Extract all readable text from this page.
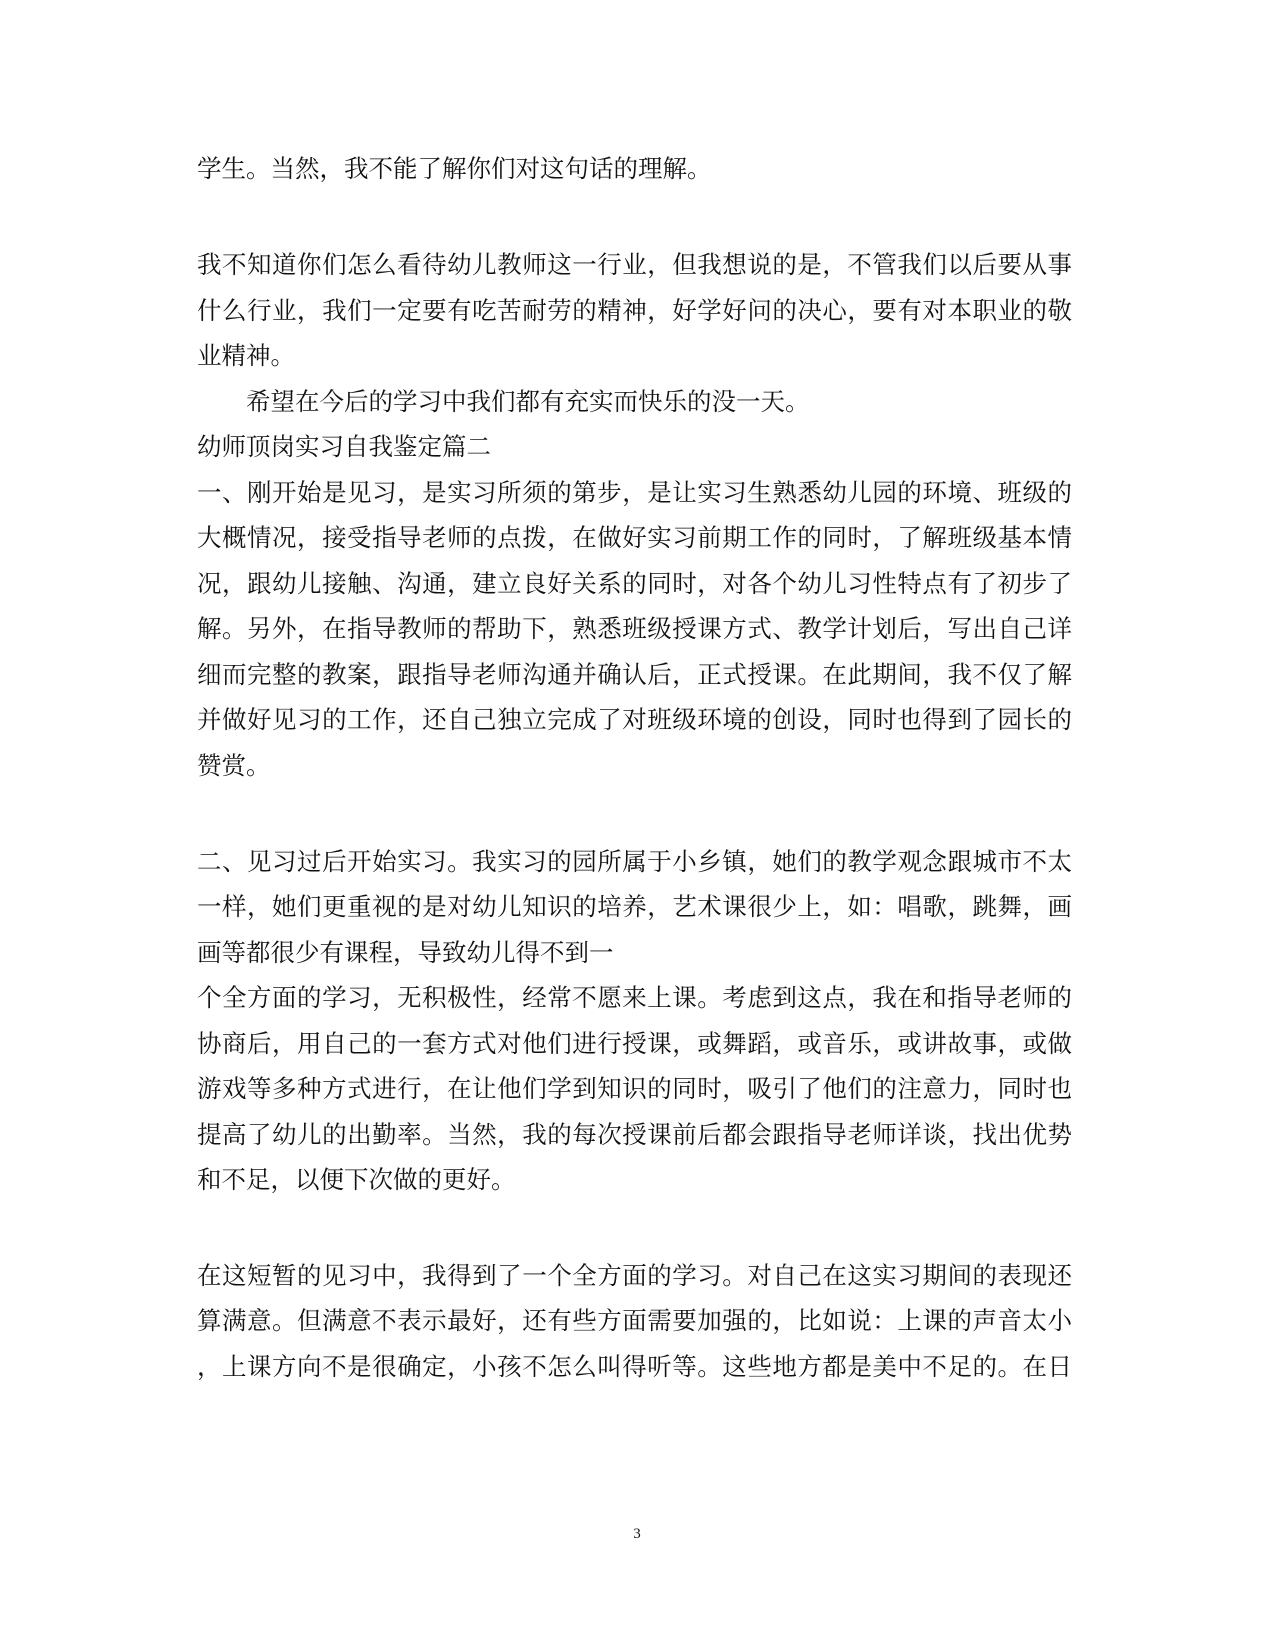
学生。当然，我不能了解你们对这句话的理解。
我不知道你们怎么看待幼儿教师这一行业，但我想说的是，不管我们以后要从事
什么行业，我们一定要有吃苦耐劳的精神，好学好问的决心，要有对本职业的敬
业精神。
希望在今后的学习中我们都有充实而快乐的没一天。
幼师顶岗实习自我鉴定篇二
一、刚开始是见习，是实习所须的第步，是让实习生熟悉幼儿园的环境、班级的
大概情况，接受指导老师的点拨，在做好实习前期工作的同时，了解班级基本情
况，跟幼儿接触、沟通，建立良好关系的同时，对各个幼儿习性特点有了初步了
解。另外，在指导教师的帮助下，熟悉班级授课方式、教学计划后，写出自己详
细而完整的教案，跟指导老师沟通并确认后，正式授课。在此期间，我不仅了解
并做好见习的工作，还自己独立完成了对班级环境的创设，同时也得到了园长的
赞赏。
二、见习过后开始实习。我实习的园所属于小乡镇，她们的教学观念跟城市不太
一样，她们更重视的是对幼儿知识的培养，艺术课很少上，如：唱歌，跳舞，画
画等都很少有课程，导致幼儿得不到一
个全方面的学习，无积极性，经常不愿来上课。考虑到这点，我在和指导老师的
协商后，用自己的一套方式对他们进行授课，或舞蹈，或音乐，或讲故事，或做
游戏等多种方式进行，在让他们学到知识的同时，吸引了他们的注意力，同时也
提高了幼儿的出勤率。当然，我的每次授课前后都会跟指导老师详谈，找出优势
和不足，以便下次做的更好。
在这短暂的见习中，我得到了一个全方面的学习。对自己在这实习期间的表现还
算满意。但满意不表示最好，还有些方面需要加强的，比如说：上课的声音太小
，上课方向不是很确定，小孩不怎么叫得听等。这些地方都是美中不足的。在日
3
